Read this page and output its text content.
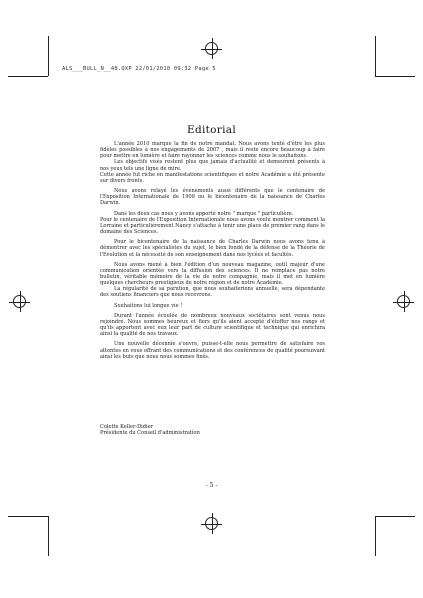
ALS___BULL_N__48.QXP 22/01/2010 09:32 Page 5
Editorial

L'année 2010 marque la fin de notre mandat. Nous avons tenté d'être les plus fidèles possibles à nos engagements de 2007 , mais il reste encore beaucoup à faire pour mettre en lumière et faire rayonner les sciences comme nous le souhaitons.

Les objectifs visés restent plus que jamais d'actualité et demeurent présents à nos yeux tels une ligne de mire.

Cette année fut riche en manifestations scientifiques et notre Académie a été présente sur divers fronts.

Nous avons relayé les événements aussi différents que le centenaire de l'Exposition Internationale de 1909 ou le bicentenaire de la naissance de Charles Darwin.

Dans les deux cas nous y avons apporté notre " marque " particulière.

Pour le centenaire de l'Exposition Internationale nous avons voulu montrer comment la Lorraine et particulièrement Nancy s'attache à tenir une place de premier rang dans le domaine des Sciences.

Pour le bicentenaire de la naissance de Charles Darwin nous avons tenu à démontrer avec les spécialistes du sujet, le bien fondé de la défense de la Théorie de l'Evolution et la nécessité de son enseignement dans nos lycées et facultés.

Nous avons mené à bien l'édition d'un nouveau magazine, outil majeur d'une communication orientée vers la diffusion des sciences. Il ne remplace pas notre bulletin, véritable mémoire de la vie de notre compagnie, mais il met en lumière quelques chercheurs prestigieux de notre région et de notre Académie.

La régularité de sa parution, que nous souhaiterions annuelle, sera dépendante des soutiens financiers que nous recevrons.

Souhaitons lui longue vie !

Durant l'année écoulée de nombreux nouveaux sociétaires sont venus nous rejoindre. Nous sommes heureux et fiers qu'ils aient accepté d'étoffer nos rangs et qu'ils apportent avec eux leur part de culture scientifique et technique qui enrichira ainsi la qualité de nos travaux.

Une nouvelle décennie s'ouvre, puisse-t-elle nous permettre de satisfaire vos attentes en vous offrant des communications et des conférences de qualité poursuivant ainsi les buts que nous nous sommes fixés.

Colette Keller-Didier
Présidente du Conseil d'administration
- 5 -
